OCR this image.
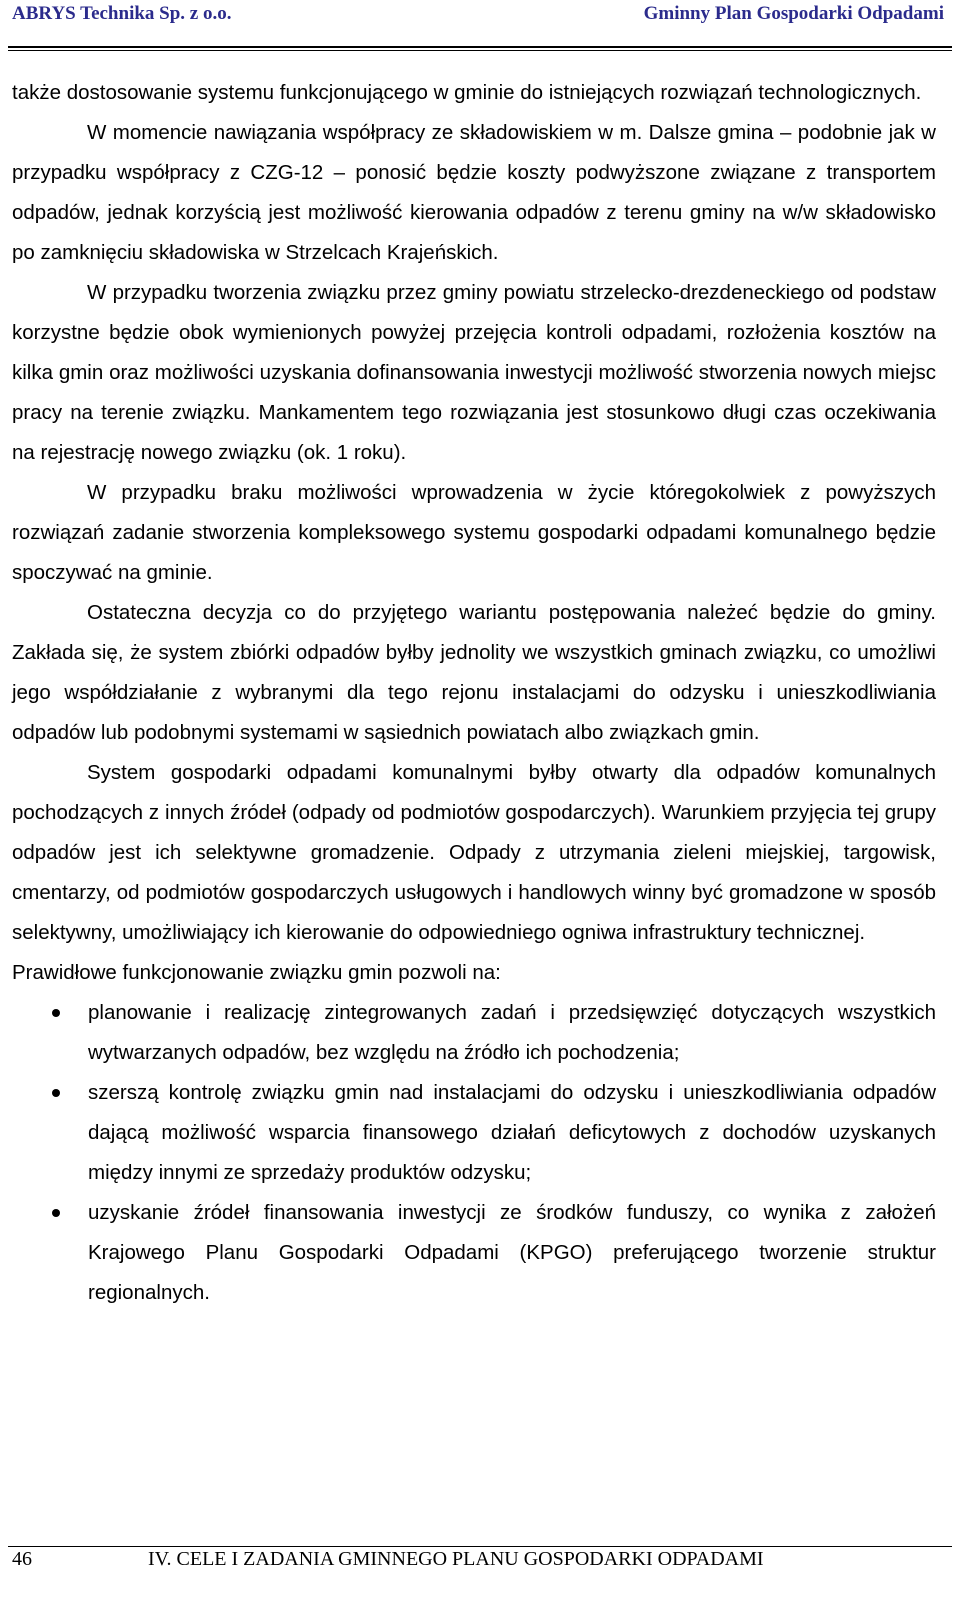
ABRYS Technika Sp. z o.o.	Gminny Plan Gospodarki Odpadami

także dostosowanie systemu funkcjonującego w gminie do istniejących rozwiązań technologicznych.

W momencie nawiązania współpracy ze składowiskiem w m. Dalsze gmina – podobnie jak w przypadku współpracy z CZG-12 – ponosić będzie koszty podwyższone związane z transportem odpadów, jednak korzyścią jest możliwość kierowania odpadów z terenu gminy na w/w składowisko po zamknięciu składowiska w Strzelcach Krajeńskich.

W przypadku tworzenia związku przez gminy powiatu strzelecko-drezdeneckiego od podstaw korzystne będzie obok wymienionych powyżej przejęcia kontroli odpadami, rozłożenia kosztów na kilka gmin oraz możliwości uzyskania dofinansowania inwestycji możliwość stworzenia nowych miejsc pracy na terenie związku. Mankamentem tego rozwiązania jest stosunkowo długi czas oczekiwania na rejestrację nowego związku (ok. 1 roku).

W przypadku braku możliwości wprowadzenia w życie któregokolwiek z powyższych rozwiązań zadanie stworzenia kompleksowego systemu gospodarki odpadami komunalnego będzie spoczywać na gminie.

Ostateczna decyzja co do przyjętego wariantu postępowania należeć będzie do gminy. Zakłada się, że system zbiórki odpadów byłby jednolity we wszystkich gminach związku, co umożliwi jego współdziałanie z wybranymi dla tego rejonu instalacjami do odzysku i unieszkodliwiania odpadów lub podobnymi systemami w sąsiednich powiatach albo związkach gmin.

System gospodarki odpadami komunalnymi byłby otwarty dla odpadów komunalnych pochodzących z innych źródeł (odpady od podmiotów gospodarczych). Warunkiem przyjęcia tej grupy odpadów jest ich selektywne gromadzenie. Odpady z utrzymania zieleni miejskiej, targowisk, cmentarzy, od podmiotów gospodarczych usługowych i handlowych winny być gromadzone w sposób selektywny, umożliwiający ich kierowanie do odpowiedniego ogniwa infrastruktury technicznej.

Prawidłowe funkcjonowanie związku gmin pozwoli na:

planowanie i realizację zintegrowanych zadań i przedsięwzięć dotyczących wszystkich wytwarzanych odpadów, bez względu na źródło ich pochodzenia;
szerszą kontrolę związku gmin nad instalacjami do odzysku i unieszkodliwiania odpadów dającą możliwość wsparcia finansowego działań deficytowych z dochodów uzyskanych między innymi ze sprzedaży produktów odzysku;
uzyskanie źródeł finansowania inwestycji ze środków funduszy, co wynika z założeń Krajowego Planu Gospodarki Odpadami (KPGO) preferującego tworzenie struktur regionalnych.
46	IV. CELE I ZADANIA GMINNEGO PLANU GOSPODARKI ODPADAMI
